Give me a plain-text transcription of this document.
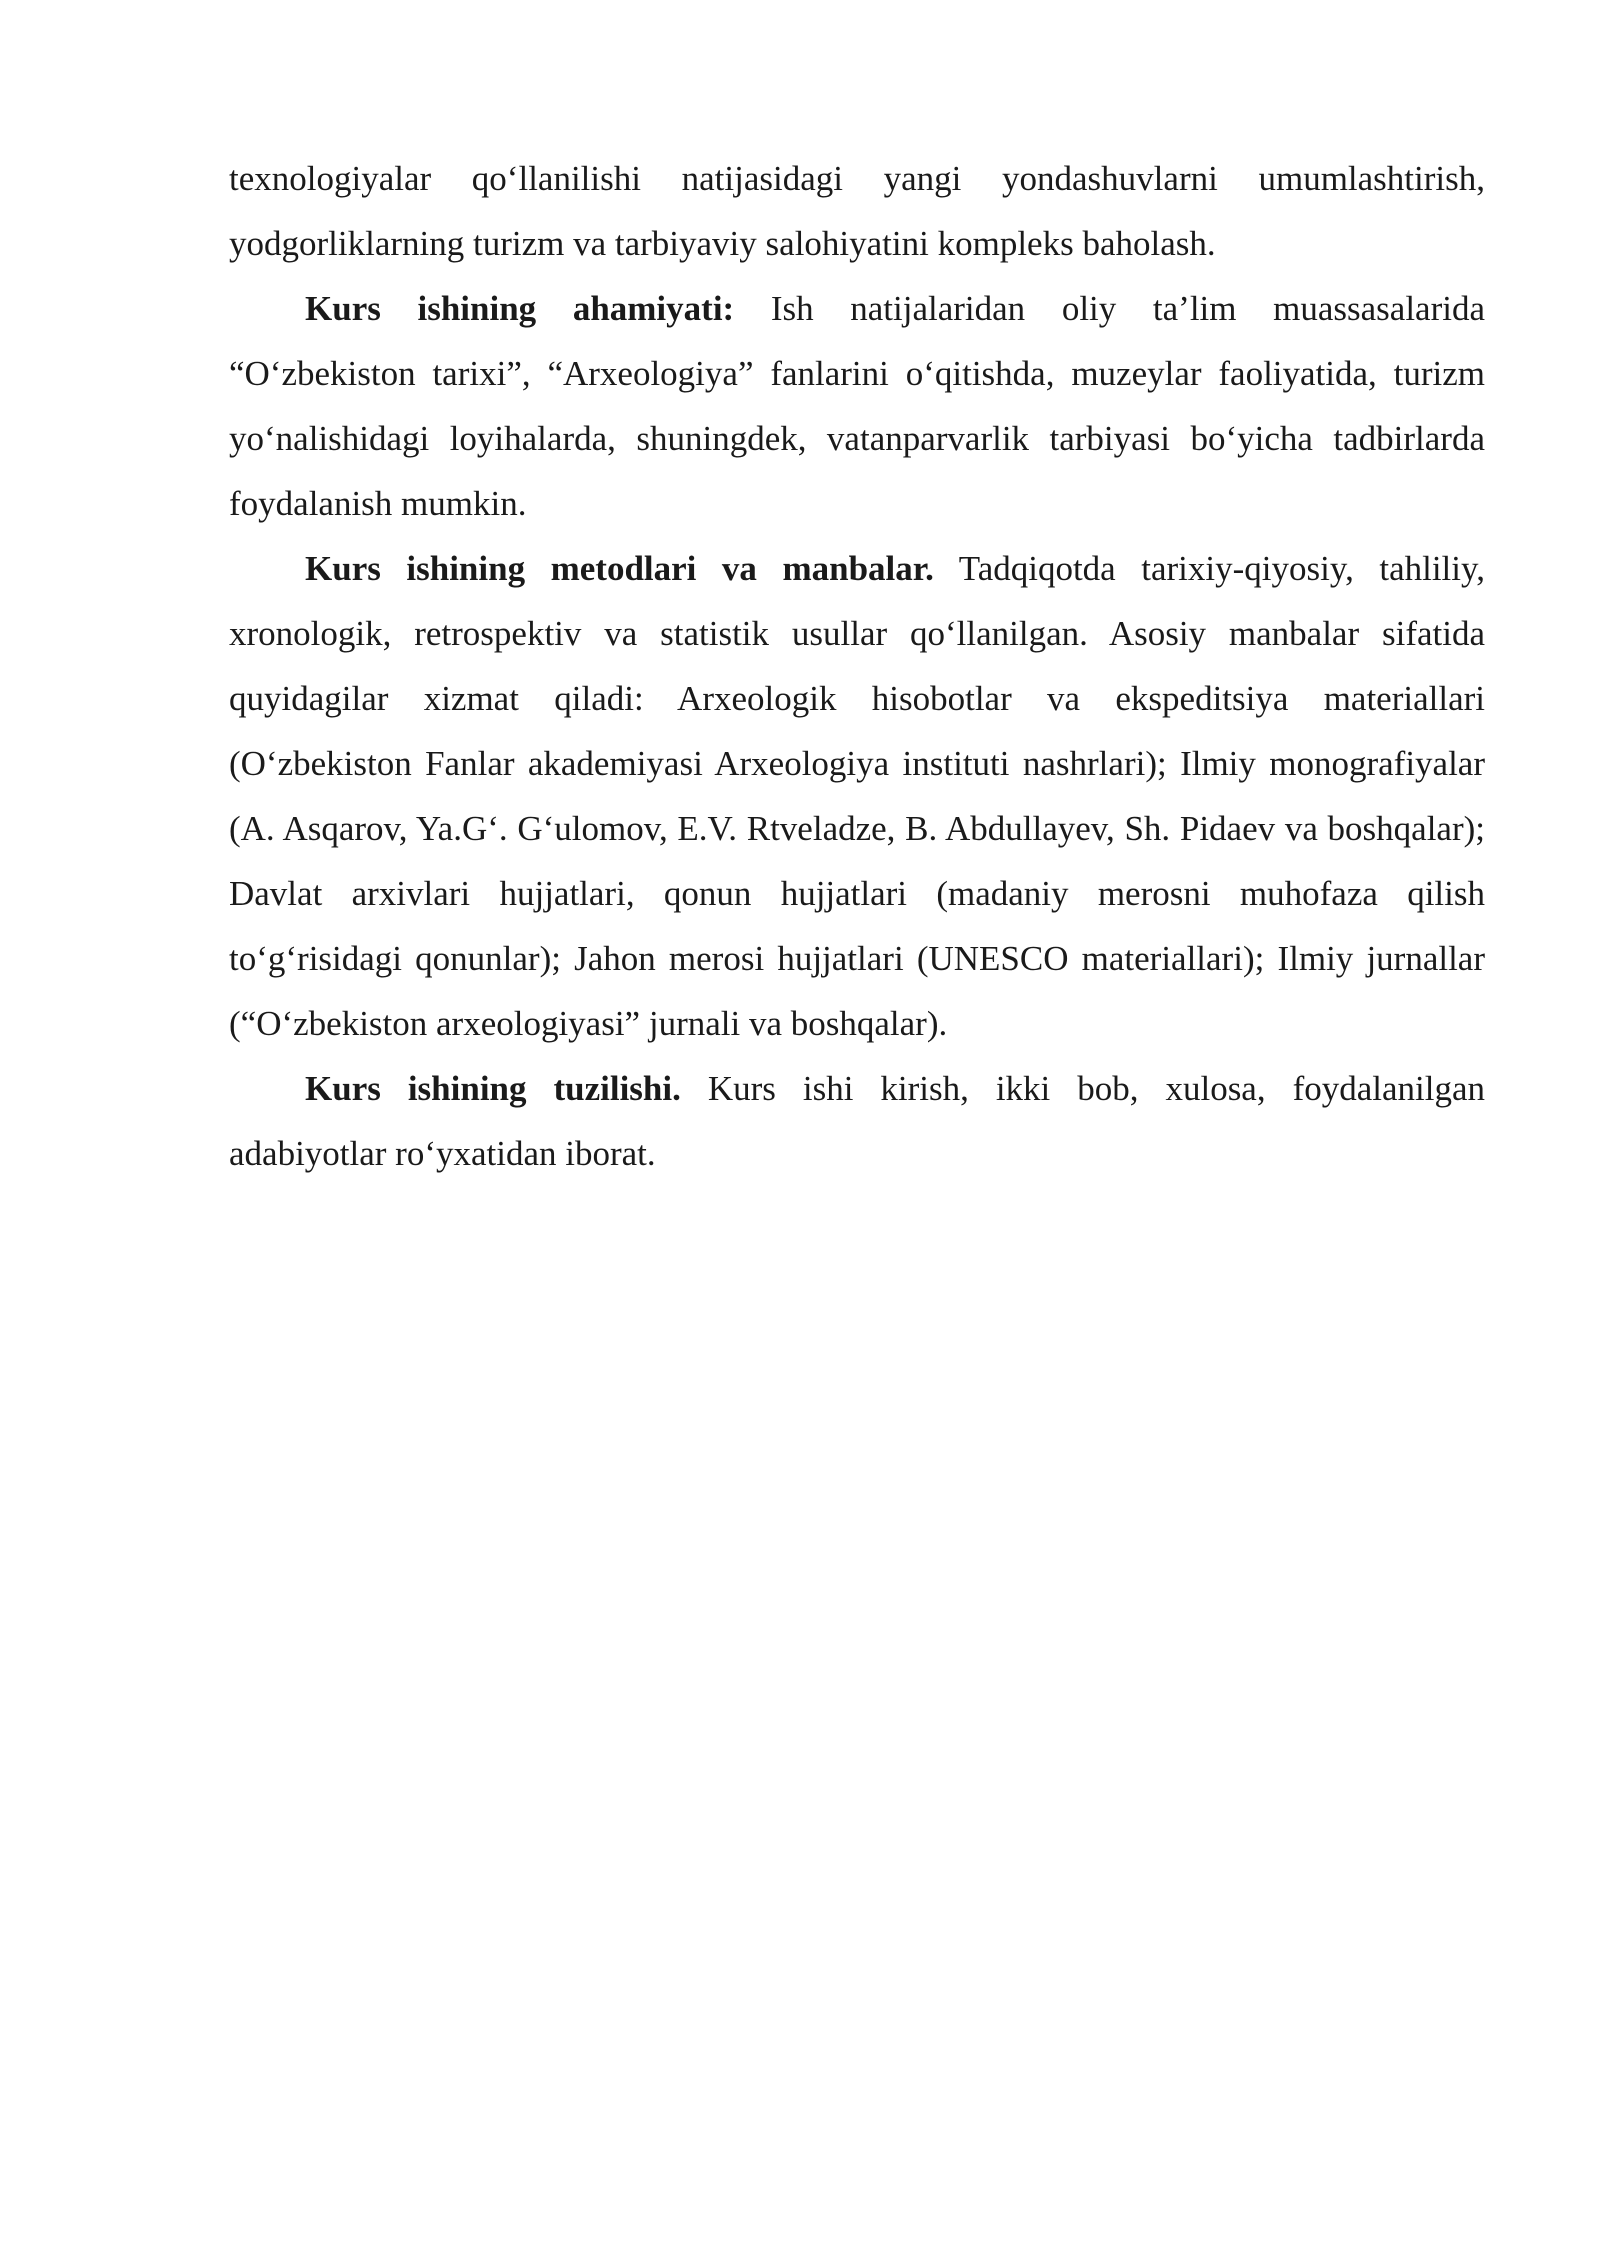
texnologiyalar qo‘llanilishi natijasidagi yangi yondashuvlarni umumlashtirish, yodgorliklarning turizm va tarbiyaviy salohiyatini kompleks baholash.

Kurs ishining ahamiyati: Ish natijalaridan oliy ta’lim muassasalarida “O‘zbekiston tarixi”, “Arxeologiya” fanlarini o‘qitishda, muzeylar faoliyatida, turizm yo‘nalishidagi loyihalarda, shuningdek, vatanparvarlik tarbiyasi bo‘yicha tadbirlarda foydalanish mumkin.

Kurs ishining metodlari va manbalar. Tadqiqotda tarixiy-qiyosiy, tahliliy, xronologik, retrospektiv va statistik usullar qo‘llanilgan. Asosiy manbalar sifatida quyidagilar xizmat qiladi: Arxeologik hisobotlar va ekspeditsiya materiallari (O‘zbekiston Fanlar akademiyasi Arxeologiya instituti nashrlari); Ilmiy monografiyalar (A. Asqarov, Ya.G‘. G‘ulomov, E.V. Rtveladze, B. Abdullayev, Sh. Pidaev va boshqalar); Davlat arxivlari hujjatlari, qonun hujjatlari (madaniy merosni muhofaza qilish to‘g‘risidagi qonunlar); Jahon merosi hujjatlari (UNESCO materiallari); Ilmiy jurnallar (“O‘zbekiston arxeologiyasi” jurnali va boshqalar).

Kurs ishining tuzilishi. Kurs ishi kirish, ikki bob, xulosa, foydalanilgan adabiyotlar ro‘yxatidan iborat.
